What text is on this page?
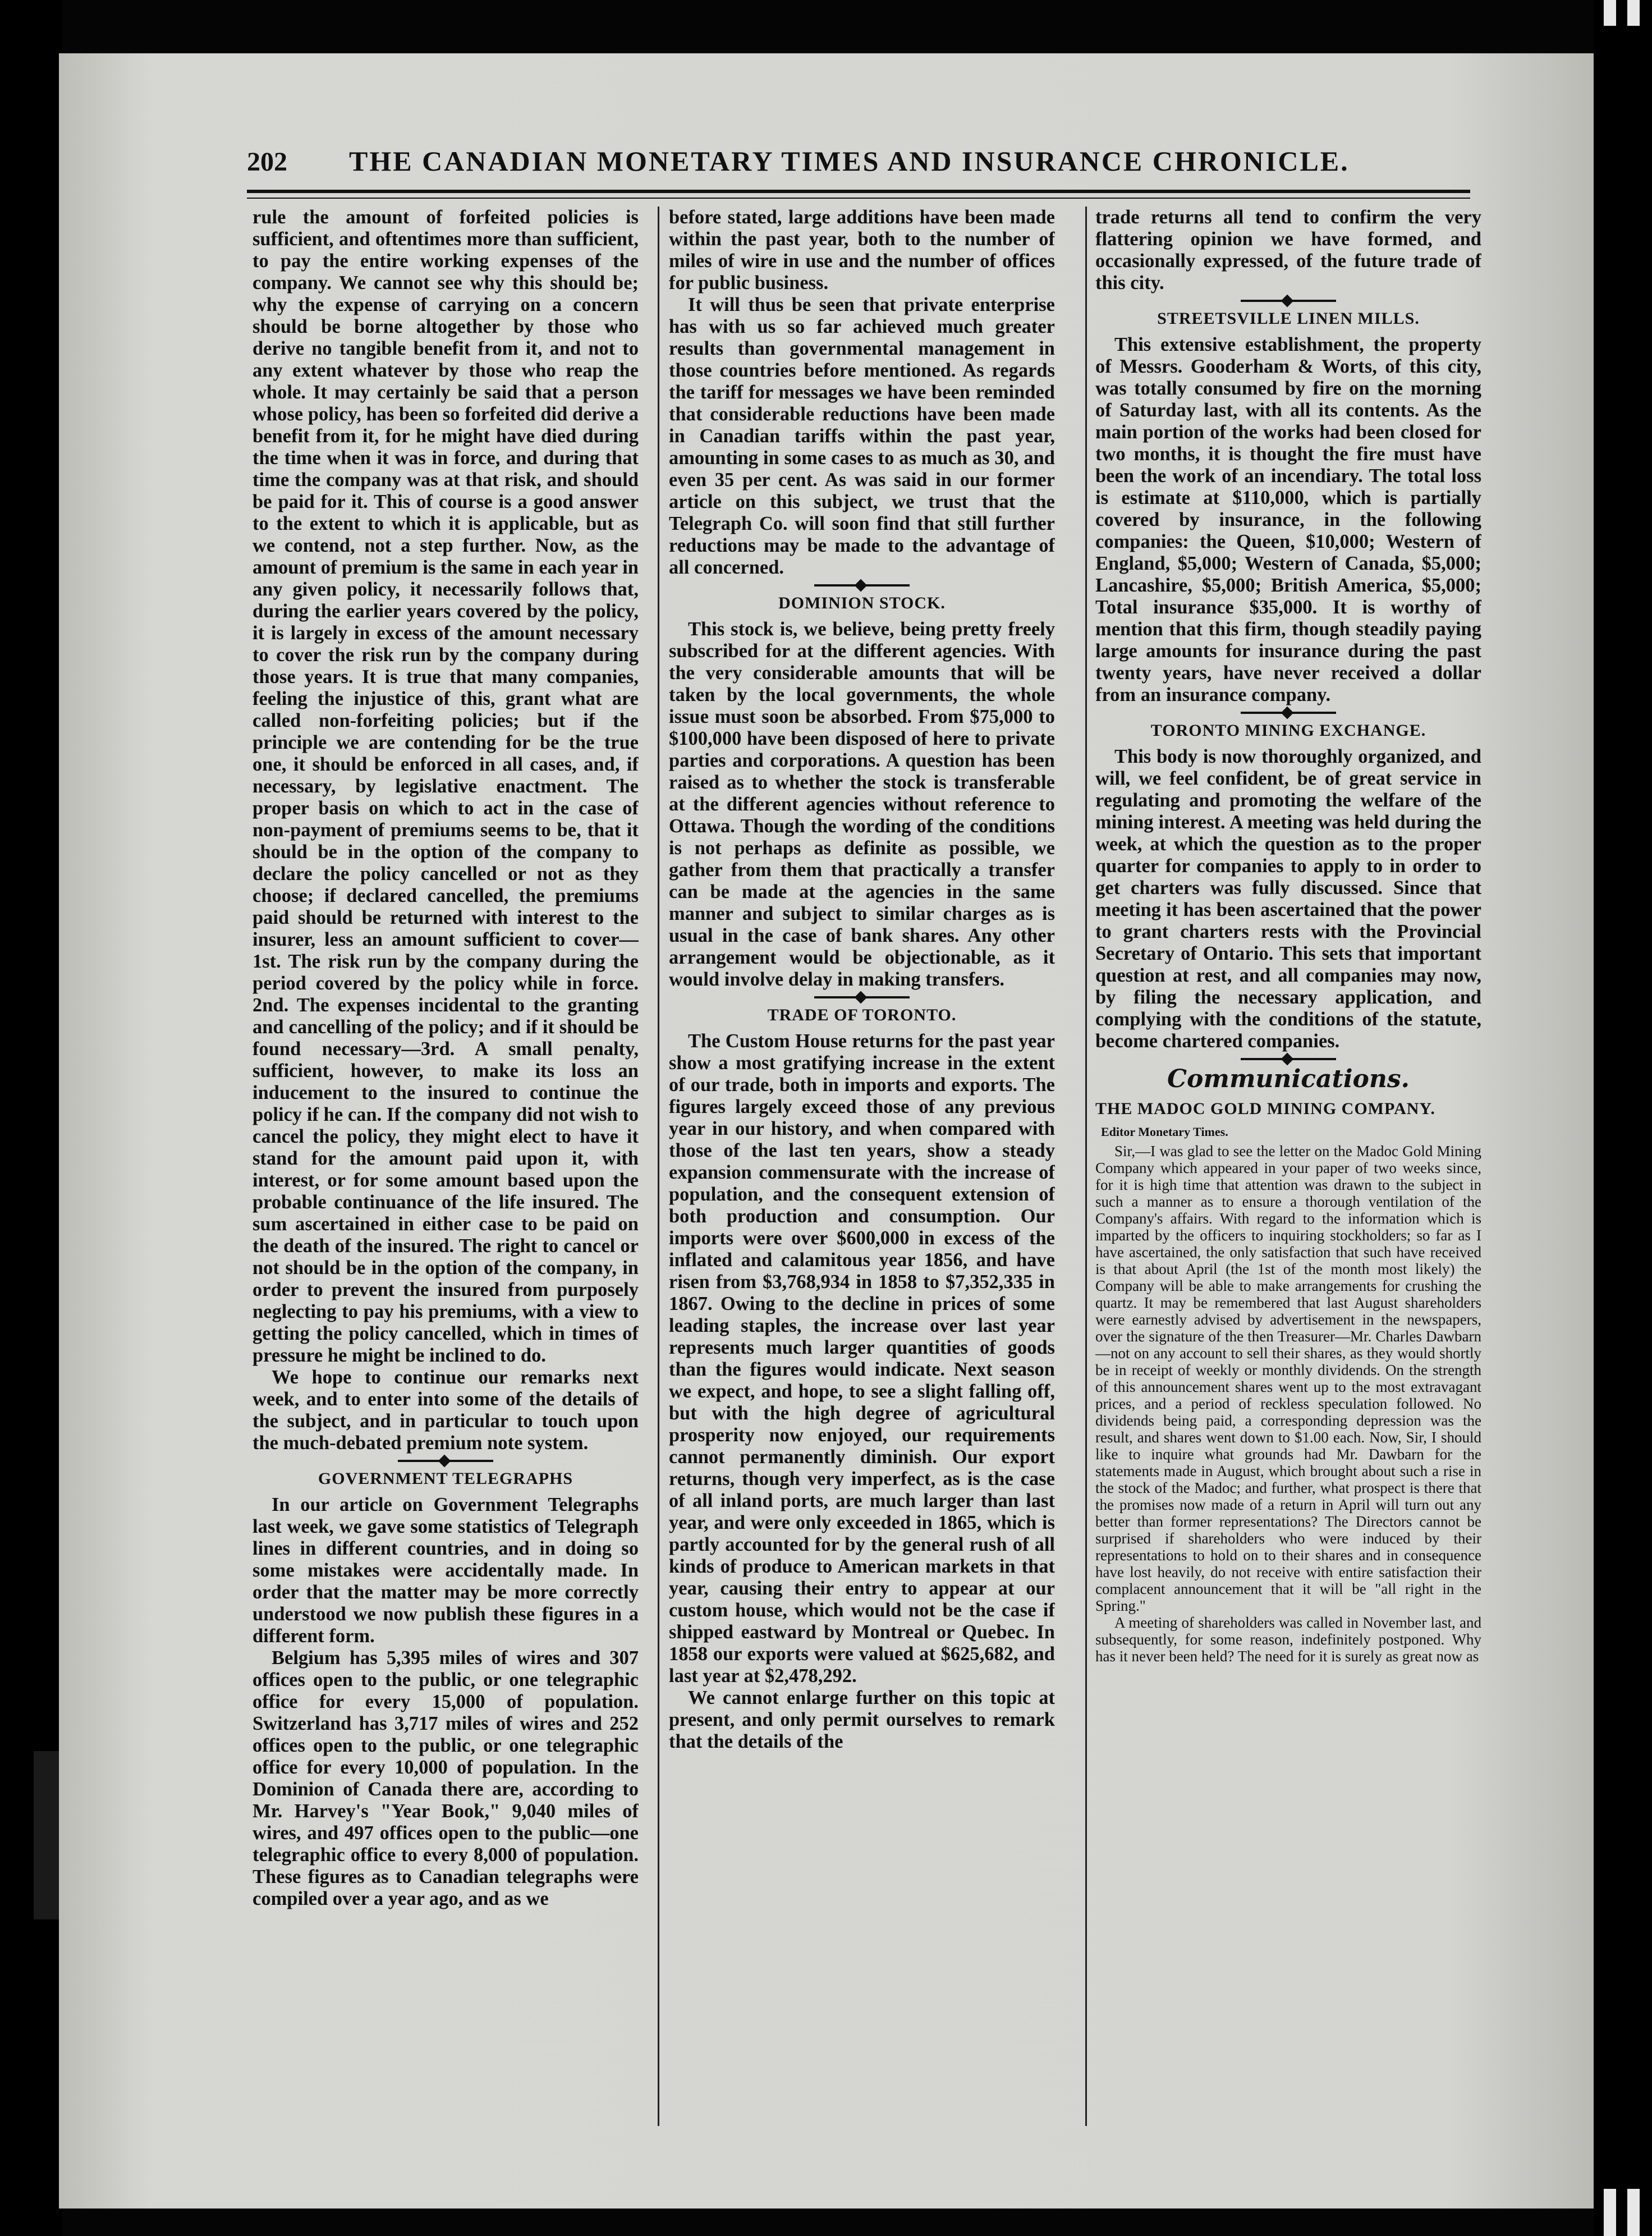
202 THE CANADIAN MONETARY TIMES AND INSURANCE CHRONICLE.

rule the amount of forfeited policies is sufficient, and oftentimes more than sufficient, to pay the entire working expenses of the company. We cannot see why this should be; why the expense of carrying on a concern should be borne altogether by those who derive no tangible benefit from it, and not to any extent whatever by those who reap the whole. It may certainly be said that a person whose policy, has been so forfeited did derive a benefit from it, for he might have died during the time when it was in force, and during that time the company was at that risk, and should be paid for it. This of course is a good answer to the extent to which it is applicable, but as we contend, not a step further. Now, as the amount of premium is the same in each year in any given policy, it necessarily follows that, during the earlier years covered by the policy, it is largely in excess of the amount necessary to cover the risk run by the company during those years. It is true that many companies, feeling the injustice of this, grant what are called non-forfeiting policies; but if the principle we are contending for be the true one, it should be enforced in all cases, and, if necessary, by legislative enactment. The proper basis on which to act in the case of non-payment of premiums seems to be, that it should be in the option of the company to declare the policy cancelled or not as they choose; if declared cancelled, the premiums paid should be returned with interest to the insurer, less an amount sufficient to cover—1st. The risk run by the company during the period covered by the policy while in force. 2nd. The expenses incidental to the granting and cancelling of the policy; and if it should be found necessary—3rd. A small penalty, sufficient, however, to make its loss an inducement to the insured to continue the policy if he can. If the company did not wish to cancel the policy, they might elect to have it stand for the amount paid upon it, with interest, or for some amount based upon the probable continuance of the life insured. The sum ascertained in either case to be paid on the death of the insured. The right to cancel or not should be in the option of the company, in order to prevent the insured from purposely neglecting to pay his premiums, with a view to getting the policy cancelled, which in times of pressure he might be inclined to do.

We hope to continue our remarks next week, and to enter into some of the details of the subject, and in particular to touch upon the much-debated premium note system.

GOVERNMENT TELEGRAPHS

In our article on Government Telegraphs last week, we gave some statistics of Telegraph lines in different countries, and in doing so some mistakes were accidentally made. In order that the matter may be more correctly understood we now publish these figures in a different form.

Belgium has 5,395 miles of wires and 307 offices open to the public, or one telegraphic office for every 15,000 of population. Switzerland has 3,717 miles of wires and 252 offices open to the public, or one telegraphic office for every 10,000 of population. In the Dominion of Canada there are, according to Mr. Harvey's "Year Book," 9,040 miles of wires, and 497 offices open to the public—one telegraphic office to every 8,000 of population. These figures as to Canadian telegraphs were compiled over a year ago, and as we

before stated, large additions have been made within the past year, both to the number of miles of wire in use and the number of offices for public business.

It will thus be seen that private enterprise has with us so far achieved much greater results than governmental management in those countries before mentioned. As regards the tariff for messages we have been reminded that considerable reductions have been made in Canadian tariffs within the past year, amounting in some cases to as much as 30, and even 35 per cent. As was said in our former article on this subject, we trust that the Telegraph Co. will soon find that still further reductions may be made to the advantage of all concerned.

DOMINION STOCK.

This stock is, we believe, being pretty freely subscribed for at the different agencies. With the very considerable amounts that will be taken by the local governments, the whole issue must soon be absorbed. From $75,000 to $100,000 have been disposed of here to private parties and corporations. A question has been raised as to whether the stock is transferable at the different agencies without reference to Ottawa. Though the wording of the conditions is not perhaps as definite as possible, we gather from them that practically a transfer can be made at the agencies in the same manner and subject to similar charges as is usual in the case of bank shares. Any other arrangement would be objectionable, as it would involve delay in making transfers.

TRADE OF TORONTO.

The Custom House returns for the past year show a most gratifying increase in the extent of our trade, both in imports and exports. The figures largely exceed those of any previous year in our history, and when compared with those of the last ten years, show a steady expansion commensurate with the increase of population, and the consequent extension of both production and consumption. Our imports were over $600,000 in excess of the inflated and calamitous year 1856, and have risen from $3,768,934 in 1858 to $7,352,335 in 1867. Owing to the decline in prices of some leading staples, the increase over last year represents much larger quantities of goods than the figures would indicate. Next season we expect, and hope, to see a slight falling off, but with the high degree of agricultural prosperity now enjoyed, our requirements cannot permanently diminish. Our export returns, though very imperfect, as is the case of all inland ports, are much larger than last year, and were only exceeded in 1865, which is partly accounted for by the general rush of all kinds of produce to American markets in that year, causing their entry to appear at our custom house, which would not be the case if shipped eastward by Montreal or Quebec. In 1858 our exports were valued at $625,682, and last year at $2,478,292.

We cannot enlarge further on this topic at present, and only permit ourselves to remark that the details of the

trade returns all tend to confirm the very flattering opinion we have formed, and occasionally expressed, of the future trade of this city.

STREETSVILLE LINEN MILLS.

This extensive establishment, the property of Messrs. Gooderham & Worts, of this city, was totally consumed by fire on the morning of Saturday last, with all its contents. As the main portion of the works had been closed for two months, it is thought the fire must have been the work of an incendiary. The total loss is estimate at $110,000, which is partially covered by insurance, in the following companies: the Queen, $10,000; Western of England, $5,000; Western of Canada, $5,000; Lancashire, $5,000; British America, $5,000; Total insurance $35,000. It is worthy of mention that this firm, though steadily paying large amounts for insurance during the past twenty years, have never received a dollar from an insurance company.

TORONTO MINING EXCHANGE.

This body is now thoroughly organized, and will, we feel confident, be of great service in regulating and promoting the welfare of the mining interest. A meeting was held during the week, at which the question as to the proper quarter for companies to apply to in order to get charters was fully discussed. Since that meeting it has been ascertained that the power to grant charters rests with the Provincial Secretary of Ontario. This sets that important question at rest, and all companies may now, by filing the necessary application, and complying with the conditions of the statute, become chartered companies.

Communications.
THE MADOC GOLD MINING COMPANY.

Editor Monetary Times.

Sir,—I was glad to see the letter on the Madoc Gold Mining Company which appeared in your paper of two weeks since, for it is high time that attention was drawn to the subject in such a manner as to ensure a thorough ventilation of the Company's affairs. With regard to the information which is imparted by the officers to inquiring stockholders; so far as I have ascertained, the only satisfaction that such have received is that about April (the 1st of the month most likely) the Company will be able to make arrangements for crushing the quartz. It may be remembered that last August shareholders were earnestly advised by advertisement in the newspapers, over the signature of the then Treasurer—Mr. Charles Dawbarn—not on any account to sell their shares, as they would shortly be in receipt of weekly or monthly dividends. On the strength of this announcement shares went up to the most extravagant prices, and a period of reckless speculation followed. No dividends being paid, a corresponding depression was the result, and shares went down to $1.00 each. Now, Sir, I should like to inquire what grounds had Mr. Dawbarn for the statements made in August, which brought about such a rise in the stock of the Madoc; and further, what prospect is there that the promises now made of a return in April will turn out any better than former representations? The Directors cannot be surprised if shareholders who were induced by their representations to hold on to their shares and in consequence have lost heavily, do not receive with entire satisfaction their complacent announcement that it will be "all right in the Spring."

A meeting of shareholders was called in November last, and subsequently, for some reason, indefinitely postponed. Why has it never been held? The need for it is surely as great now as
